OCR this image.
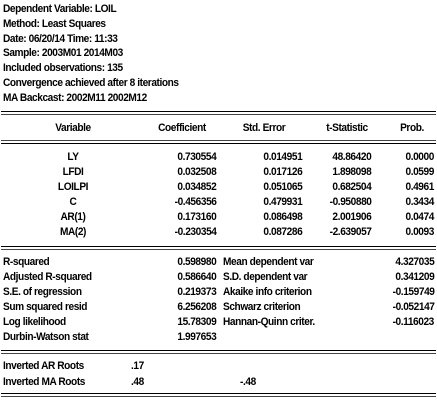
Dependent Variable: LOIL
Method: Least Squares
Date: 06/20/14 Time: 11:33
Sample: 2003M01 2014M03
Included observations: 135
Convergence achieved after 8 iterations
MA Backcast: 2002M11 2002M12
Variable	Coefficient	Std. Error	t-Statistic	Prob.
LY	0.730554	0.014951	48.86420	0.0000
LFDI	0.032508	0.017126	1.898098	0.0599
LOILPI	0.034852	0.051065	0.682504	0.4961
C	-0.456356	0.479931 -0.950880	0.3434
AR(1)	0.173160	0.086498	2.001906	0.0474
MA(2)	-0.230354	0.087286 -2.639057	0.0093
R-squared	0.598980 Mean dependent var	4.327035
Adjusted R-squared	0.586640 S.D. dependent var	0.341209
S.E. of regression	0.219373 Akaike info criterion	-0.159749
Sum squared resid	6.256208 Schwarz criterion	-0.052147
Log likelihood	15.78309 Hannan-Quinn criter.	-0.116023
Durbin-Watson stat	1.997653
Inverted AR Roots	.17
Inverted MA Roots	.48	-.48
